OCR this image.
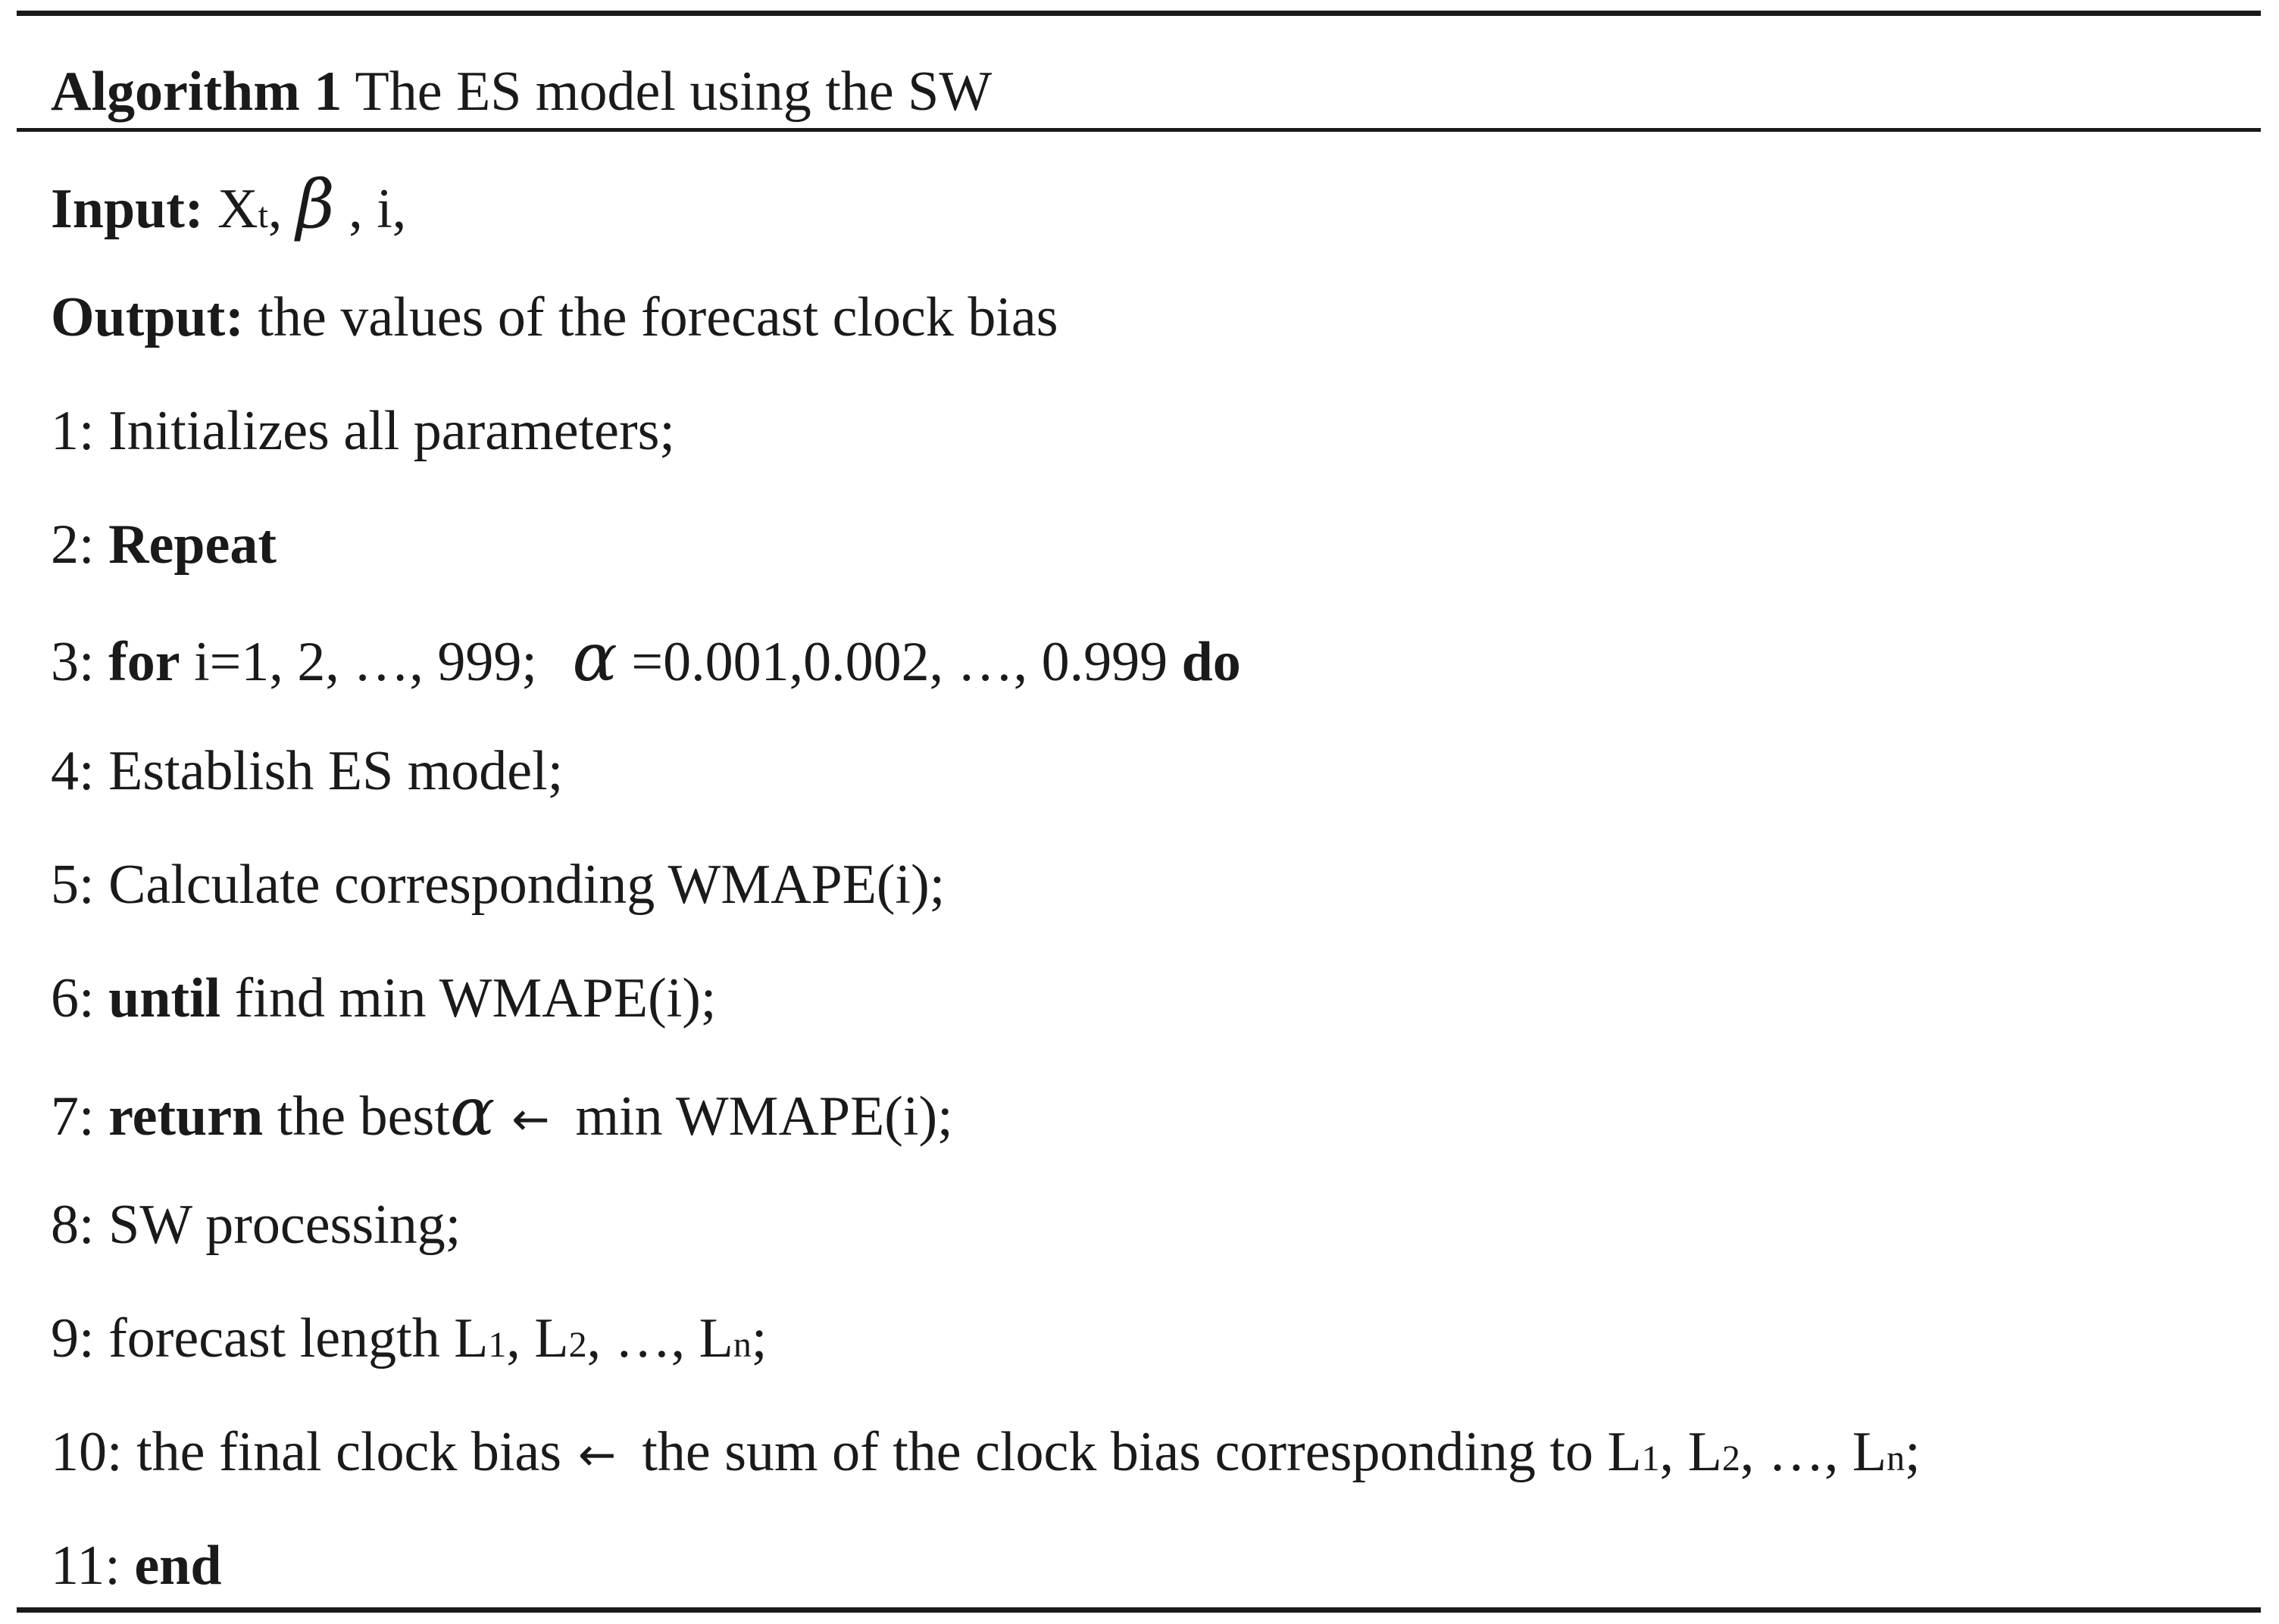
Algorithm 1 The ES model using the SW
Input: Xt, β , i,
Output: the values of the forecast clock bias
1: Initializes all parameters;
2: Repeat
3: for i=1, 2, …, 999; α =0.001,0.002, …, 0.999 do
4: Establish ES model;
5: Calculate corresponding WMAPE(i);
6: until find min WMAPE(i);
7: return the bestα ← min WMAPE(i);
8: SW processing;
9: forecast length L1, L2, …, Ln;
10: the final clock bias ← the sum of the clock bias corresponding to L1, L2, …, Ln;
11: end
